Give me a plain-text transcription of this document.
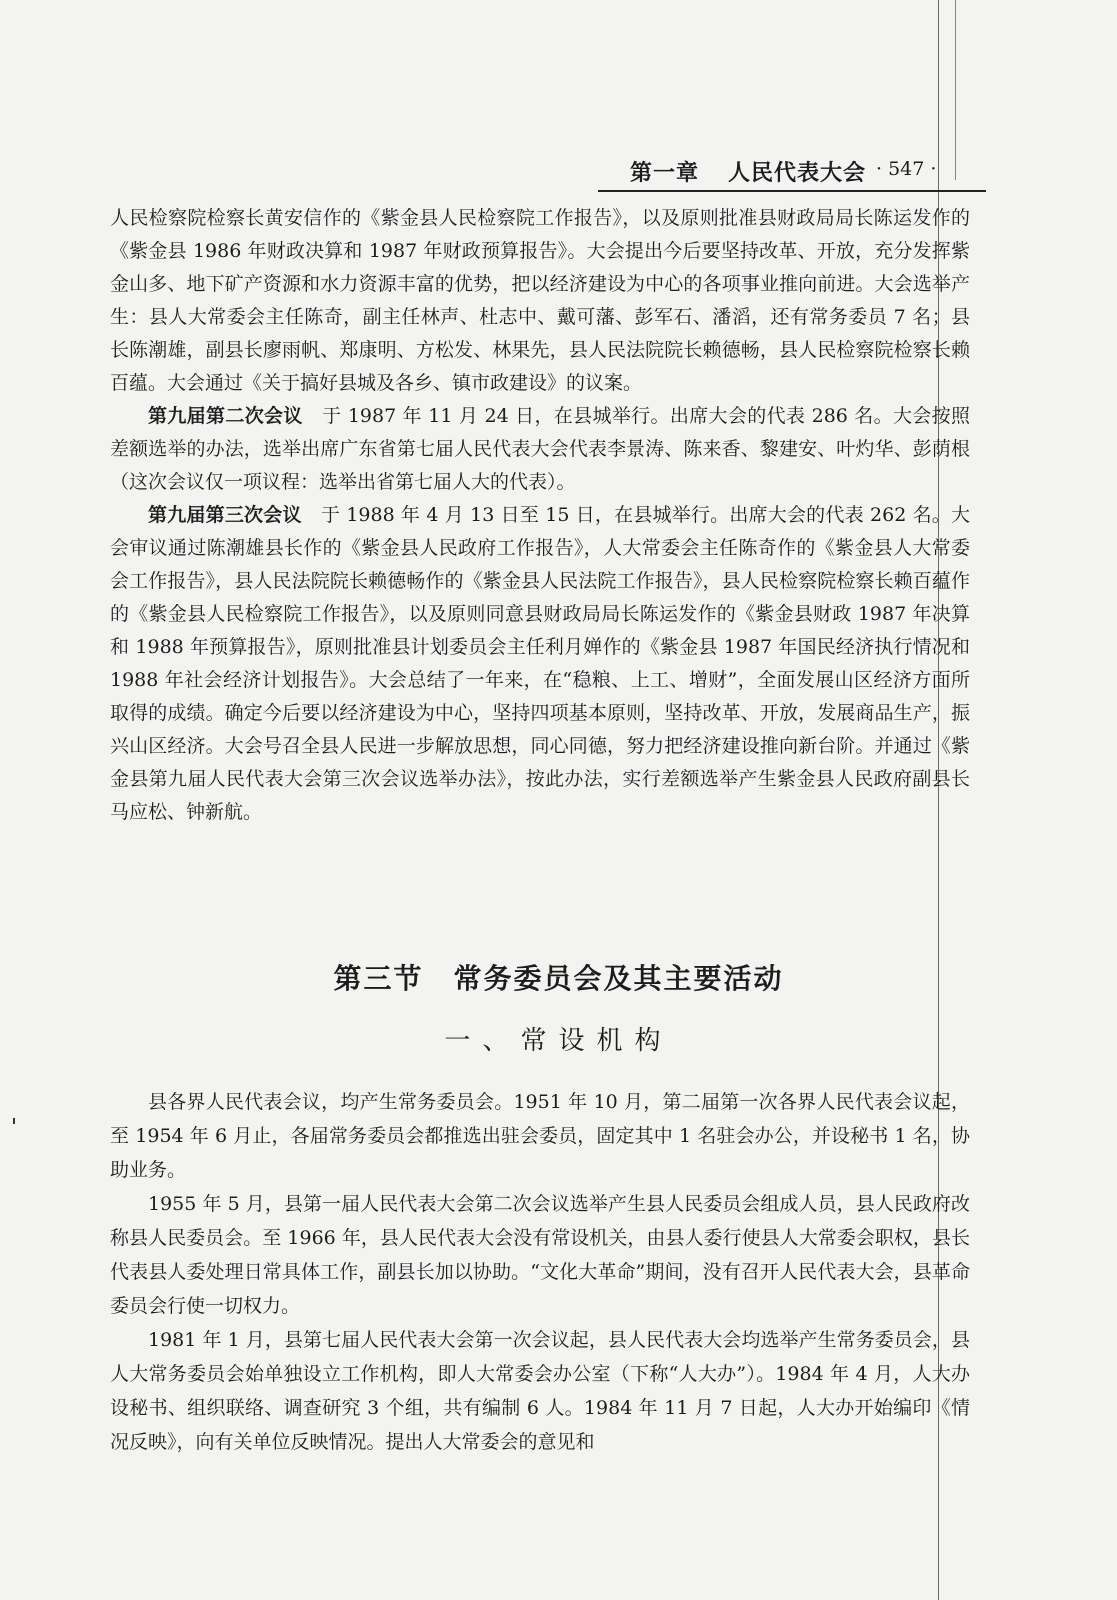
第一章 人民代表大会 · 547 ·

人民检察院检察长黄安信作的《紫金县人民检察院工作报告》，以及原则批准县财政局局长陈运发作的《紫金县 1986 年财政决算和 1987 年财政预算报告》。大会提出今后要坚持改革、开放，充分发挥紫金山多、地下矿产资源和水力资源丰富的优势，把以经济建设为中心的各项事业推向前进。大会选举产生：县人大常委会主任陈奇，副主任林声、杜志中、戴可藩、彭军石、潘滔，还有常务委员 7 名；县长陈潮雄，副县长廖雨帆、郑康明、方松发、林果先，县人民法院院长赖德畅，县人民检察院检察长赖百蕴。大会通过《关于搞好县城及各乡、镇市政建设》的议案。

第九届第二次会议　于 1987 年 11 月 24 日，在县城举行。出席大会的代表 286 名。大会按照差额选举的办法，选举出席广东省第七届人民代表大会代表李景涛、陈来香、黎建安、叶灼华、彭荫根（这次会议仅一项议程：选举出省第七届人大的代表）。

第九届第三次会议　于 1988 年 4 月 13 日至 15 日，在县城举行。出席大会的代表 262 名。大会审议通过陈潮雄县长作的《紫金县人民政府工作报告》，人大常委会主任陈奇作的《紫金县人大常委会工作报告》，县人民法院院长赖德畅作的《紫金县人民法院工作报告》，县人民检察院检察长赖百蕴作的《紫金县人民检察院工作报告》，以及原则同意县财政局局长陈运发作的《紫金县财政 1987 年决算和 1988 年预算报告》，原则批准县计划委员会主任利月婵作的《紫金县 1987 年国民经济执行情况和 1988 年社会经济计划报告》。大会总结了一年来，在“稳粮、上工、增财”，全面发展山区经济方面所取得的成绩。确定今后要以经济建设为中心，坚持四项基本原则，坚持改革、开放，发展商品生产，振兴山区经济。大会号召全县人民进一步解放思想，同心同德，努力把经济建设推向新台阶。并通过《紫金县第九届人民代表大会第三次会议选举办法》，按此办法，实行差额选举产生紫金县人民政府副县长马应松、钟新航。

第三节　常务委员会及其主要活动
一、常设机构

县各界人民代表会议，均产生常务委员会。1951 年 10 月，第二届第一次各界人民代表会议起，至 1954 年 6 月止，各届常务委员会都推选出驻会委员，固定其中 1 名驻会办公，并设秘书 1 名，协助业务。

1955 年 5 月，县第一届人民代表大会第二次会议选举产生县人民委员会组成人员，县人民政府改称县人民委员会。至 1966 年，县人民代表大会没有常设机关，由县人委行使县人大常委会职权，县长代表县人委处理日常具体工作，副县长加以协助。“文化大革命”期间，没有召开人民代表大会，县革命委员会行使一切权力。

1981 年 1 月，县第七届人民代表大会第一次会议起，县人民代表大会均选举产生常务委员会，县人大常务委员会始单独设立工作机构，即人大常委会办公室（下称“人大办”）。1984 年 4 月，人大办设秘书、组织联络、调查研究 3 个组，共有编制 6 人。1984 年 11 月 7 日起，人大办开始编印《情况反映》，向有关单位反映情况。提出人大常委会的意见和
